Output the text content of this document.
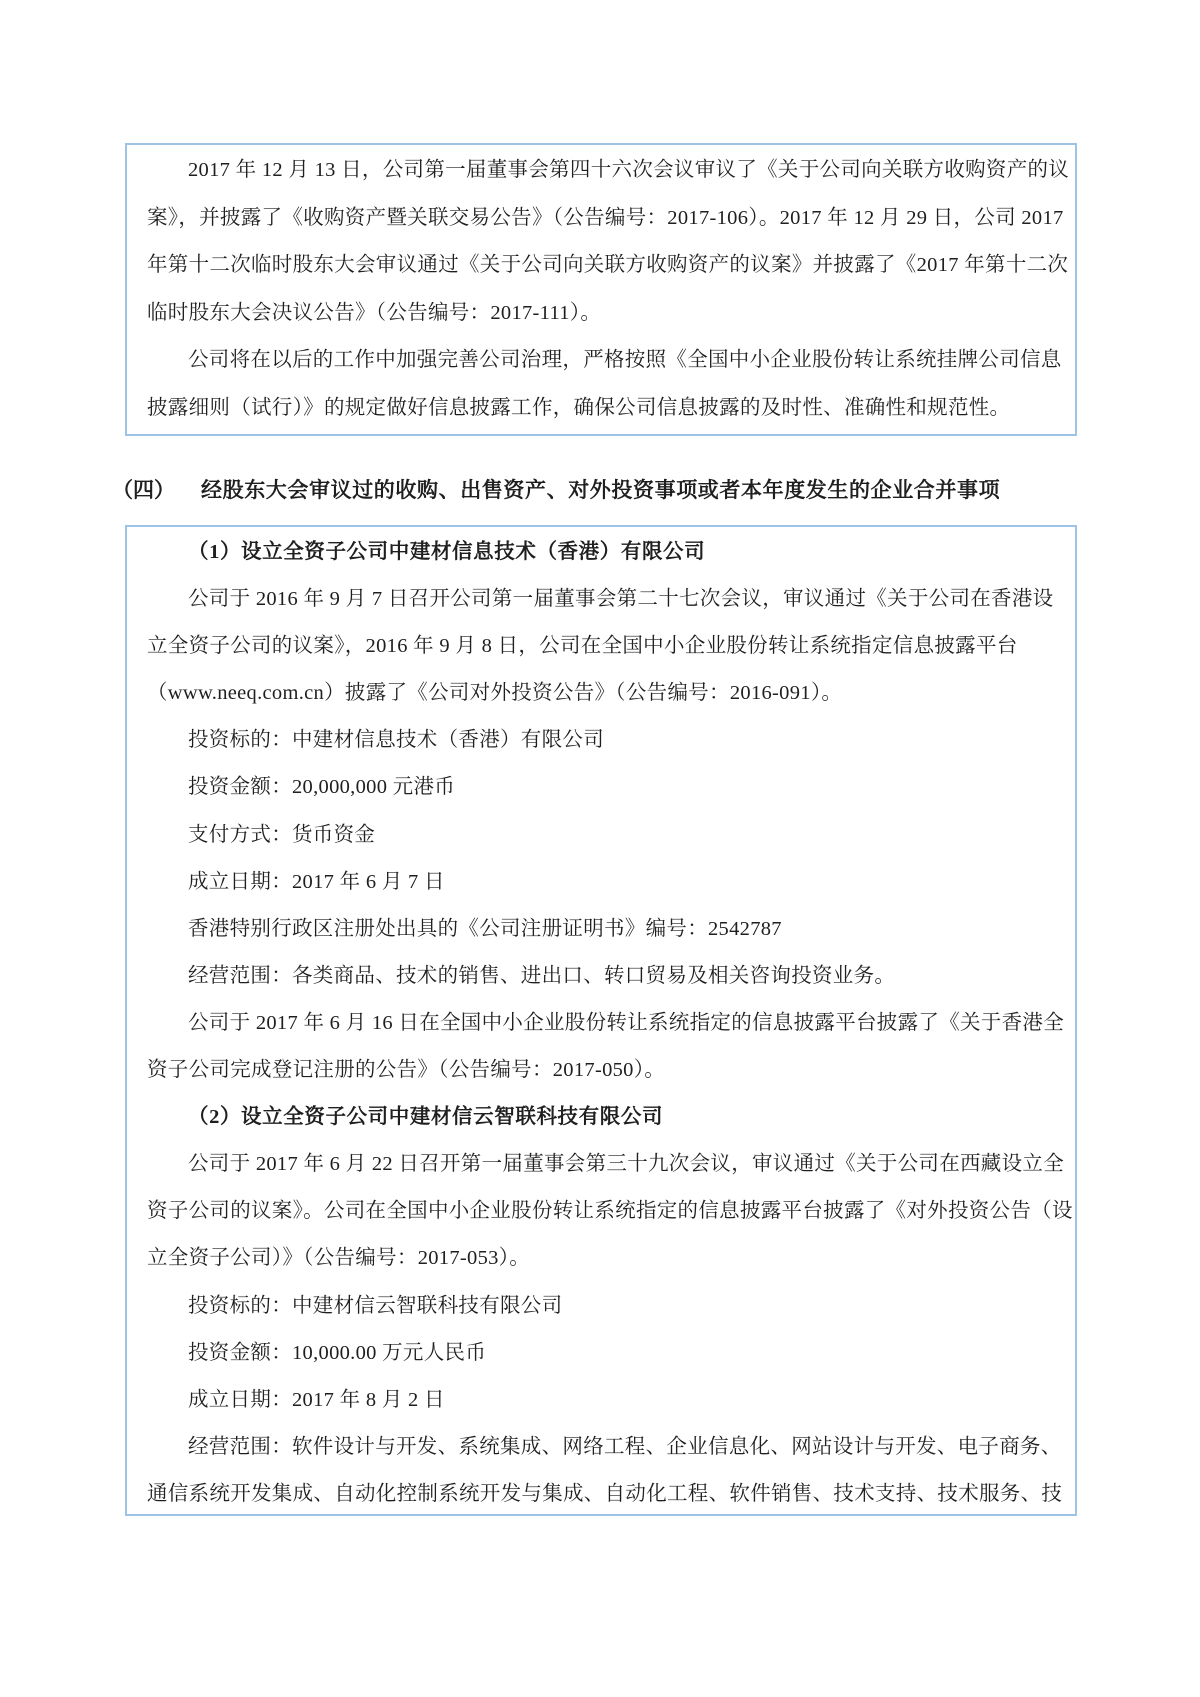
2017 年 12 月 13 日，公司第一届董事会第四十六次会议审议了《关于公司向关联方收购资产的议
案》，并披露了《收购资产暨关联交易公告》（公告编号：2017-106）。2017 年 12 月 29 日，公司 2017
年第十二次临时股东大会审议通过《关于公司向关联方收购资产的议案》并披露了《2017 年第十二次
临时股东大会决议公告》（公告编号：2017-111）。
公司将在以后的工作中加强完善公司治理，严格按照《全国中小企业股份转让系统挂牌公司信息
披露细则（试行）》的规定做好信息披露工作，确保公司信息披露的及时性、准确性和规范性。
（四） 经股东大会审议过的收购、出售资产、对外投资事项或者本年度发生的企业合并事项
（1）设立全资子公司中建材信息技术（香港）有限公司
公司于 2016 年 9 月 7 日召开公司第一届董事会第二十七次会议，审议通过《关于公司在香港设
立全资子公司的议案》，2016 年 9 月 8 日，公司在全国中小企业股份转让系统指定信息披露平台
（www.neeq.com.cn）披露了《公司对外投资公告》（公告编号：2016-091）。
投资标的：中建材信息技术（香港）有限公司
投资金额：20,000,000 元港币
支付方式：货币资金
成立日期：2017 年 6 月 7 日
香港特别行政区注册处出具的《公司注册证明书》编号：2542787
经营范围：各类商品、技术的销售、进出口、转口贸易及相关咨询投资业务。
公司于 2017 年 6 月 16 日在全国中小企业股份转让系统指定的信息披露平台披露了《关于香港全
资子公司完成登记注册的公告》（公告编号：2017-050）。
（2）设立全资子公司中建材信云智联科技有限公司
公司于 2017 年 6 月 22 日召开第一届董事会第三十九次会议，审议通过《关于公司在西藏设立全
资子公司的议案》。公司在全国中小企业股份转让系统指定的信息披露平台披露了《对外投资公告（设
立全资子公司）》（公告编号：2017-053）。
投资标的：中建材信云智联科技有限公司
投资金额：10,000.00 万元人民币
成立日期：2017 年 8 月 2 日
经营范围：软件设计与开发、系统集成、网络工程、企业信息化、网站设计与开发、电子商务、
通信系统开发集成、自动化控制系统开发与集成、自动化工程、软件销售、技术支持、技术服务、技
